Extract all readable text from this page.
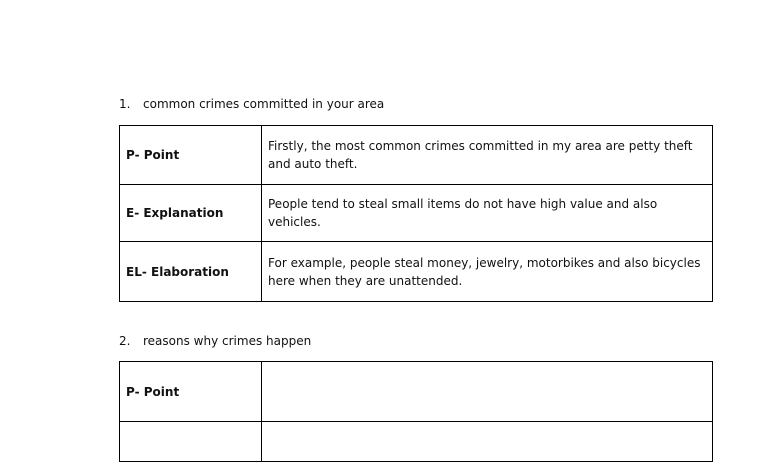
1. common crimes committed in your area
P- Point	Firstly, the most common crimes committed in my area are petty theft and auto theft.
E- Explanation	People tend to steal small items do not have high value and also vehicles.
EL- Elaboration	For example, people steal money, jewelry, motorbikes and also bicycles here when they are unattended.
2. reasons why crimes happen
P- Point	
